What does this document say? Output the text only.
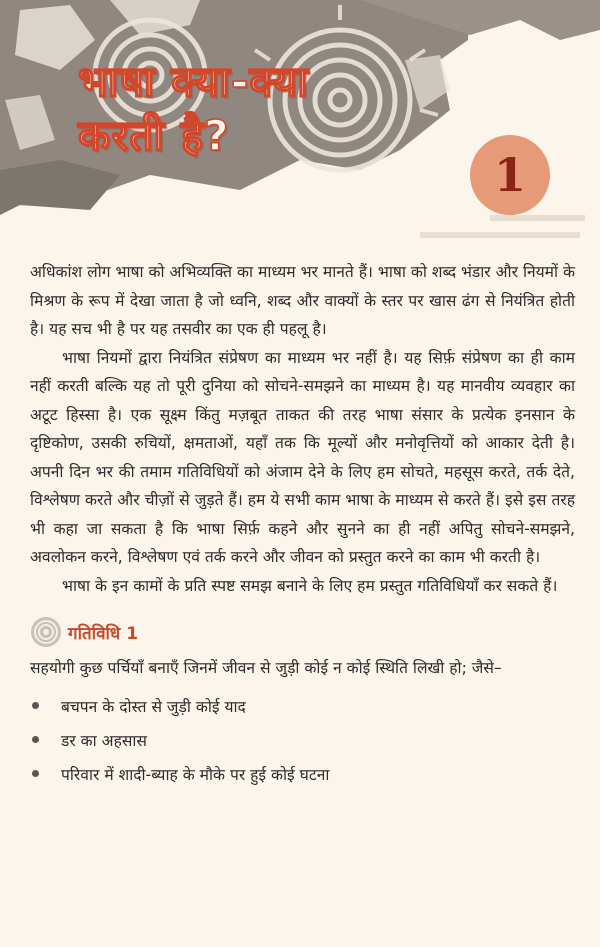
भाषा क्या-क्या
करती है?
1

अधिकांश लोग भाषा को अभिव्यक्ति का माध्यम भर मानते हैं। भाषा को शब्द भंडार और नियमों के मिश्रण के रूप में देखा जाता है जो ध्वनि, शब्द और वाक्यों के स्तर पर खास ढंग से नियंत्रित होती है। यह सच भी है पर यह तसवीर का एक ही पहलू है।

भाषा नियमों द्वारा नियंत्रित संप्रेषण का माध्यम भर नहीं है। यह सिर्फ़ संप्रेषण का ही काम नहीं करती बल्कि यह तो पूरी दुनिया को सोचने-समझने का माध्यम है। यह मानवीय व्यवहार का अटूट हिस्सा है। एक सूक्ष्म किंतु मज़बूत ताकत की तरह भाषा संसार के प्रत्येक इनसान के दृष्टिकोण, उसकी रुचियों, क्षमताओं, यहाँ तक कि मूल्यों और मनोवृत्तियों को आकार देती है। अपनी दिन भर की तमाम गतिविधियों को अंजाम देने के लिए हम सोचते, महसूस करते, तर्क देते, विश्लेषण करते और चीज़ों से जुड़ते हैं। हम ये सभी काम भाषा के माध्यम से करते हैं। इसे इस तरह भी कहा जा सकता है कि भाषा सिर्फ़ कहने और सुनने का ही नहीं अपितु सोचने-समझने, अवलोकन करने, विश्लेषण एवं तर्क करने और जीवन को प्रस्तुत करने का काम भी करती है।

भाषा के इन कामों के प्रति स्पष्ट समझ बनाने के लिए हम प्रस्तुत गतिविधियाँ कर सकते हैं।

गतिविधि 1

सहयोगी कुछ पर्चियाँ बनाएँ जिनमें जीवन से जुड़ी कोई न कोई स्थिति लिखी हो; जैसे–

बचपन के दोस्त से जुड़ी कोई याद
डर का अहसास
परिवार में शादी-ब्याह के मौके पर हुई कोई घटना
